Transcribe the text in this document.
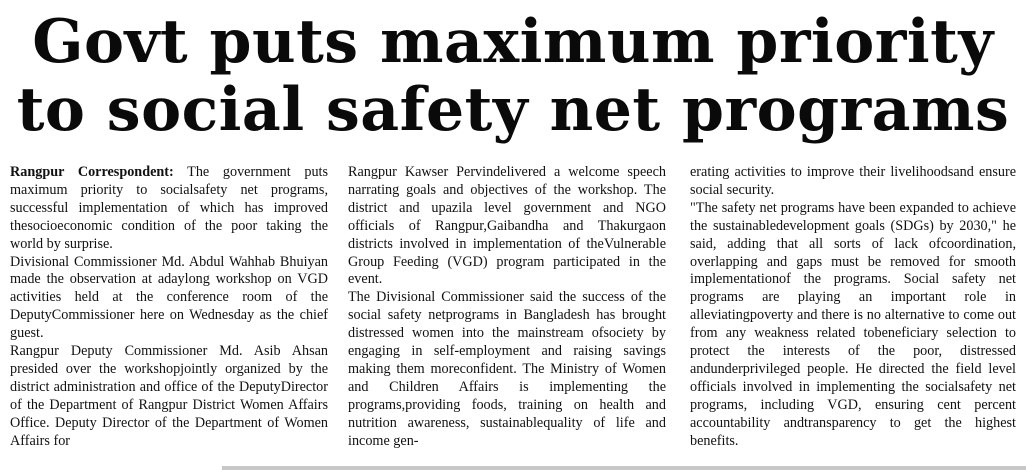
Govt puts maximum priority
to social safety net programs

Rangpur Correspondent: The government puts maximum priority to socialsafety net programs, successful implementation of which has improved thesocioeconomic condition of the poor taking the world by surprise.

Divisional Commissioner Md. Abdul Wahhab Bhuiyan made the observation at adaylong workshop on VGD activities held at the conference room of the DeputyCommissioner here on Wednesday as the chief guest.

Rangpur Deputy Commissioner Md. Asib Ahsan presided over the workshopjointly organized by the district administration and office of the DeputyDirector of the Department of Rangpur District Women Affairs Office. Deputy Director of the Department of Women Affairs for

Rangpur Kawser Pervindelivered a welcome speech narrating goals and objectives of the workshop. The district and upazila level government and NGO officials of Rangpur,Gaibandha and Thakurgaon districts involved in implementation of theVulnerable Group Feeding (VGD) program participated in the event.

The Divisional Commissioner said the success of the social safety netprograms in Bangladesh has brought distressed women into the mainstream ofsociety by engaging in self-employment and raising savings making them moreconfident. The Ministry of Women and Children Affairs is implementing the programs,providing foods, training on health and nutrition awareness, sustainablequality of life and income gen-

erating activities to improve their livelihoodsand ensure social security.

"The safety net programs have been expanded to achieve the sustainabledevelopment goals (SDGs) by 2030," he said, adding that all sorts of lack ofcoordination, overlapping and gaps must be removed for smooth implementationof the programs. Social safety net programs are playing an important role in alleviatingpoverty and there is no alternative to come out from any weakness related tobeneficiary selection to protect the interests of the poor, distressed andunderprivileged people. He directed the field level officials involved in implementing the socialsafety net programs, including VGD, ensuring cent percent accountability andtransparency to get the highest benefits.
